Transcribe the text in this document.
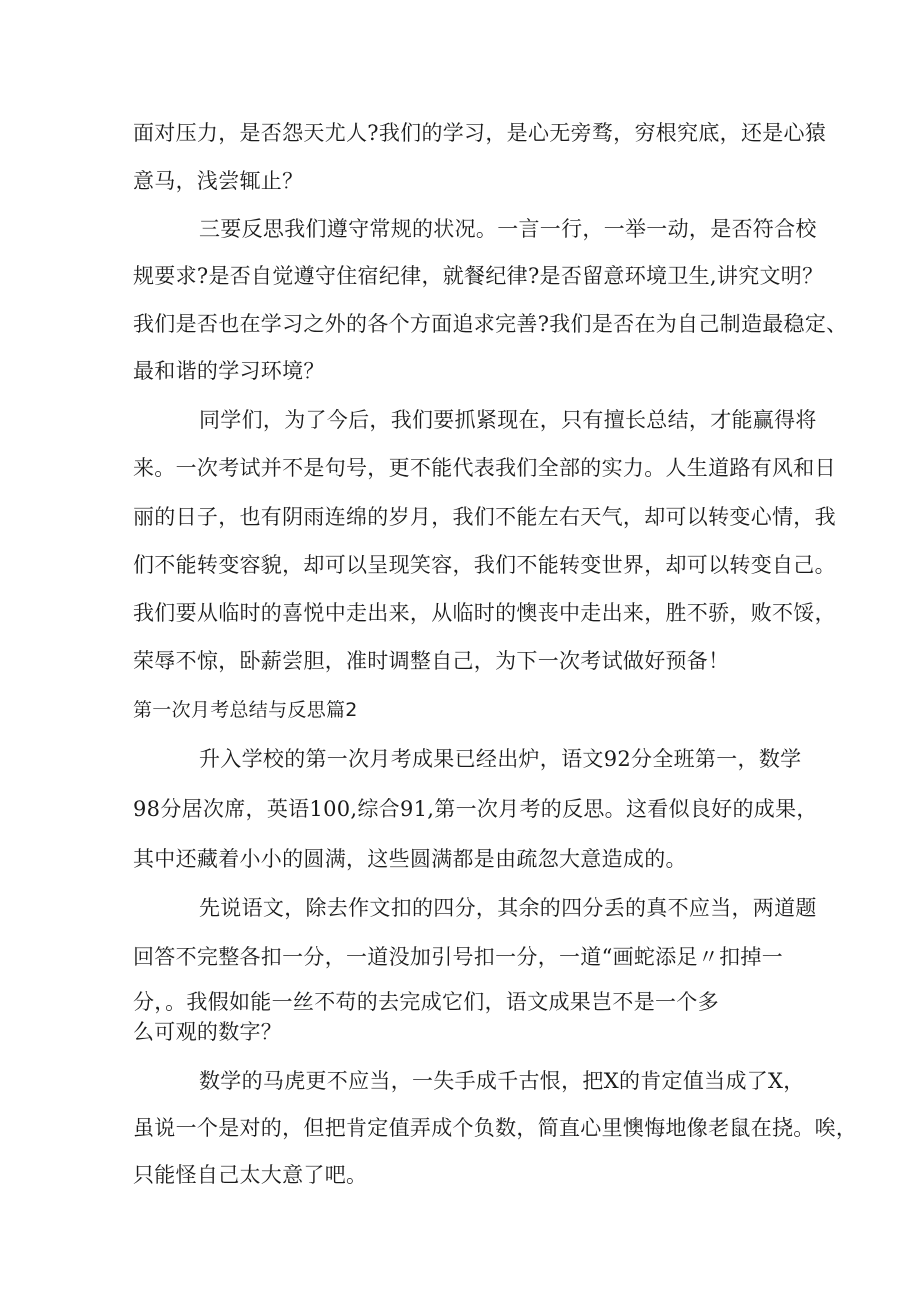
面对压力，是否怨天尤人?我们的学习，是心无旁骛，穷根究底，还是心猿
意马，浅尝辄止？
三要反思我们遵守常规的状况。一言一行，一举一动，是否符合校
规要求?是否自觉遵守住宿纪律，就餐纪律?是否留意环境卫生,讲究文明？
我们是否也在学习之外的各个方面追求完善?我们是否在为自己制造最稳定、
最和谐的学习环境？
同学们，为了今后，我们要抓紧现在，只有擅长总结，才能赢得将
来。一次考试并不是句号，更不能代表我们全部的实力。人生道路有风和日
丽的日子，也有阴雨连绵的岁月，我们不能左右天气，却可以转变心情，我
们不能转变容貌，却可以呈现笑容，我们不能转变世界，却可以转变自己。
我们要从临时的喜悦中走出来，从临时的懊丧中走出来，胜不骄，败不馁，
荣辱不惊，卧薪尝胆，准时调整自己，为下一次考试做好预备！
第一次月考总结与反思篇2
升入学校的第一次月考成果已经出炉，语文92分全班第一，数学
98分居次席，英语100,综合91,第一次月考的反思。这看似良好的成果，
其中还藏着小小的圆满，这些圆满都是由疏忽大意造成的。
先说语文，除去作文扣的四分，其余的四分丢的真不应当，两道题
回答不完整各扣一分，一道没加引号扣一分，一道“画蛇添足〃扣掉一
分，。我假如能一丝不苟的去完成它们，语文成果岂不是一个多
么可观的数字？
数学的马虎更不应当，一失手成千古恨，把X的肯定值当成了X，
虽说一个是对的，但把肯定值弄成个负数，简直心里懊悔地像老鼠在挠。唉，
只能怪自己太大意了吧。
